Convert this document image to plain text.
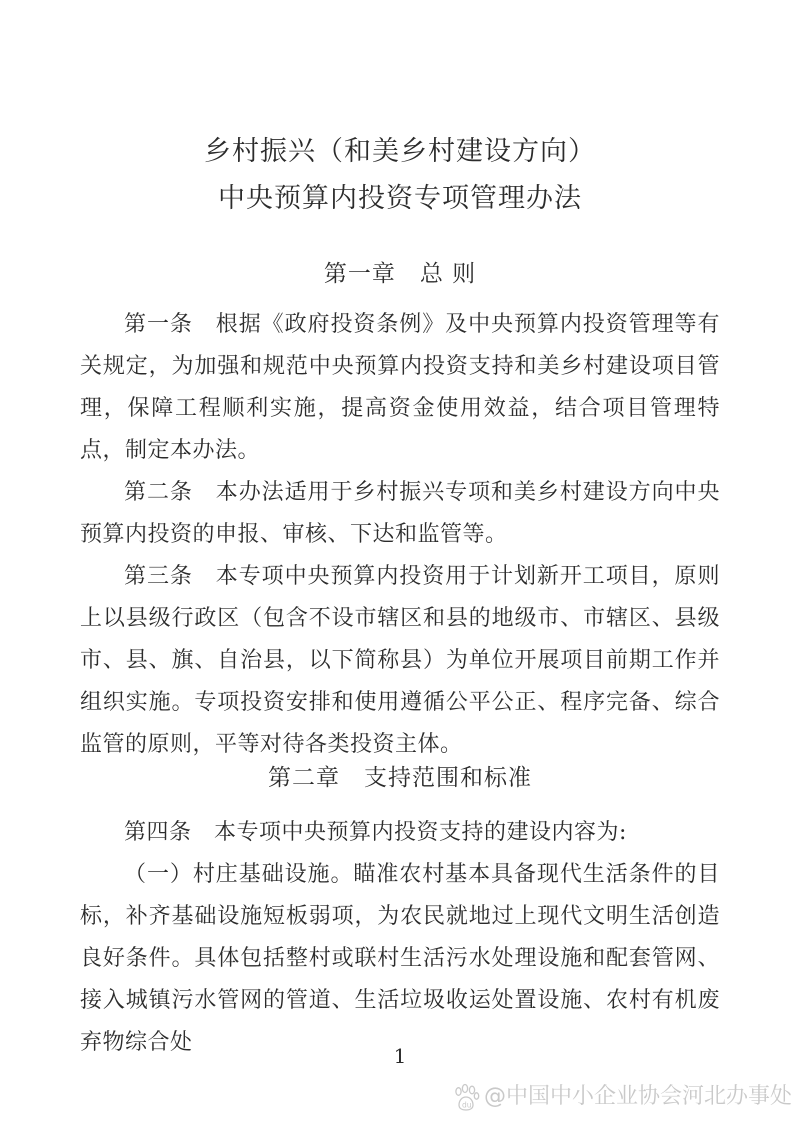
乡村振兴（和美乡村建设方向）
中央预算内投资专项管理办法
第一章　总 则

第一条　根据《政府投资条例》及中央预算内投资管理等有关规定，为加强和规范中央预算内投资支持和美乡村建设项目管理，保障工程顺利实施，提高资金使用效益，结合项目管理特点，制定本办法。

第二条　本办法适用于乡村振兴专项和美乡村建设方向中央预算内投资的申报、审核、下达和监管等。

第三条　本专项中央预算内投资用于计划新开工项目，原则上以县级行政区（包含不设市辖区和县的地级市、市辖区、县级市、县、旗、自治县，以下简称县）为单位开展项目前期工作并组织实施。专项投资安排和使用遵循公平公正、程序完备、综合监管的原则，平等对待各类投资主体。

第二章　支持范围和标准

第四条　本专项中央预算内投资支持的建设内容为:

（一）村庄基础设施。瞄准农村基本具备现代生活条件的目标，补齐基础设施短板弱项，为农民就地过上现代文明生活创造良好条件。具体包括整村或联村生活污水处理设施和配套管网、接入城镇污水管网的管道、生活垃圾收运处置设施、农村有机废弃物综合处

1
du @中国中小企业协会河北办事处
